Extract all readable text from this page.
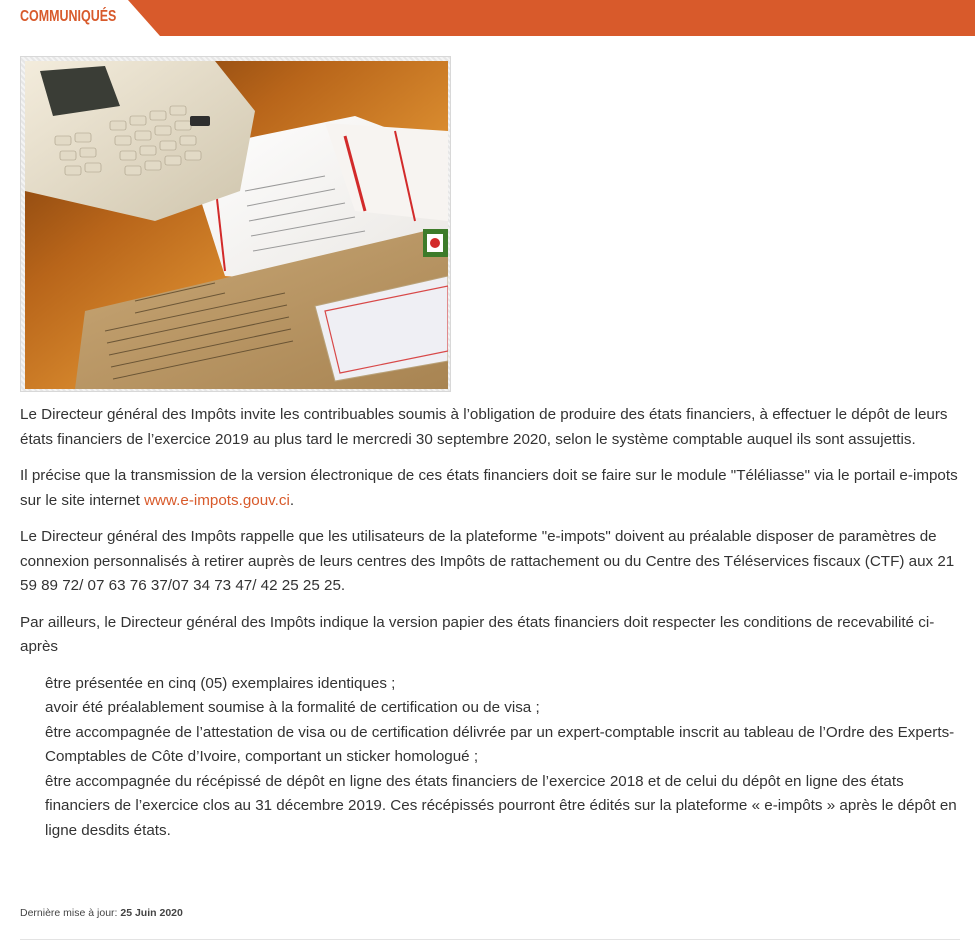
COMMUNIQUÉS

Le Directeur général des Impôts invite les contribuables soumis à l’obligation de produire des états financiers, à effectuer le dépôt de leurs états financiers de l’exercice 2019 au plus tard le mercredi 30 septembre 2020, selon le système comptable auquel ils sont assujettis.

Il précise que la transmission de la version électronique de ces états financiers doit se faire sur le module "Téléliasse" via le portail e-impots sur le site internet www.e-impots.gouv.ci.

Le Directeur général des Impôts rappelle que les utilisateurs de la plateforme "e-impots" doivent au préalable disposer de paramètres de connexion personnalisés à retirer auprès de leurs centres des Impôts de rattachement ou du Centre des Téléservices fiscaux (CTF) aux 21 59 89 72/ 07 63 76 37/07 34 73 47/ 42 25 25 25.

Par ailleurs, le Directeur général des Impôts indique la version papier des états financiers doit respecter les conditions de recevabilité ci-après

être présentée en cinq (05) exemplaires identiques ;
avoir été préalablement soumise à la formalité de certification ou de visa ;
être accompagnée de l’attestation de visa ou de certification délivrée par un expert-comptable inscrit au tableau de l’Ordre des Experts-Comptables de Côte d’Ivoire, comportant un sticker homologué ;
être accompagnée du récépissé de dépôt en ligne des états financiers de l’exercice 2018 et de celui du dépôt en ligne des états financiers de l’exercice clos au 31 décembre 2019. Ces récépissés pourront être édités sur la plateforme « e-impôts » après le dépôt en ligne desdits états.
Dernière mise à jour: 25 Juin 2020
